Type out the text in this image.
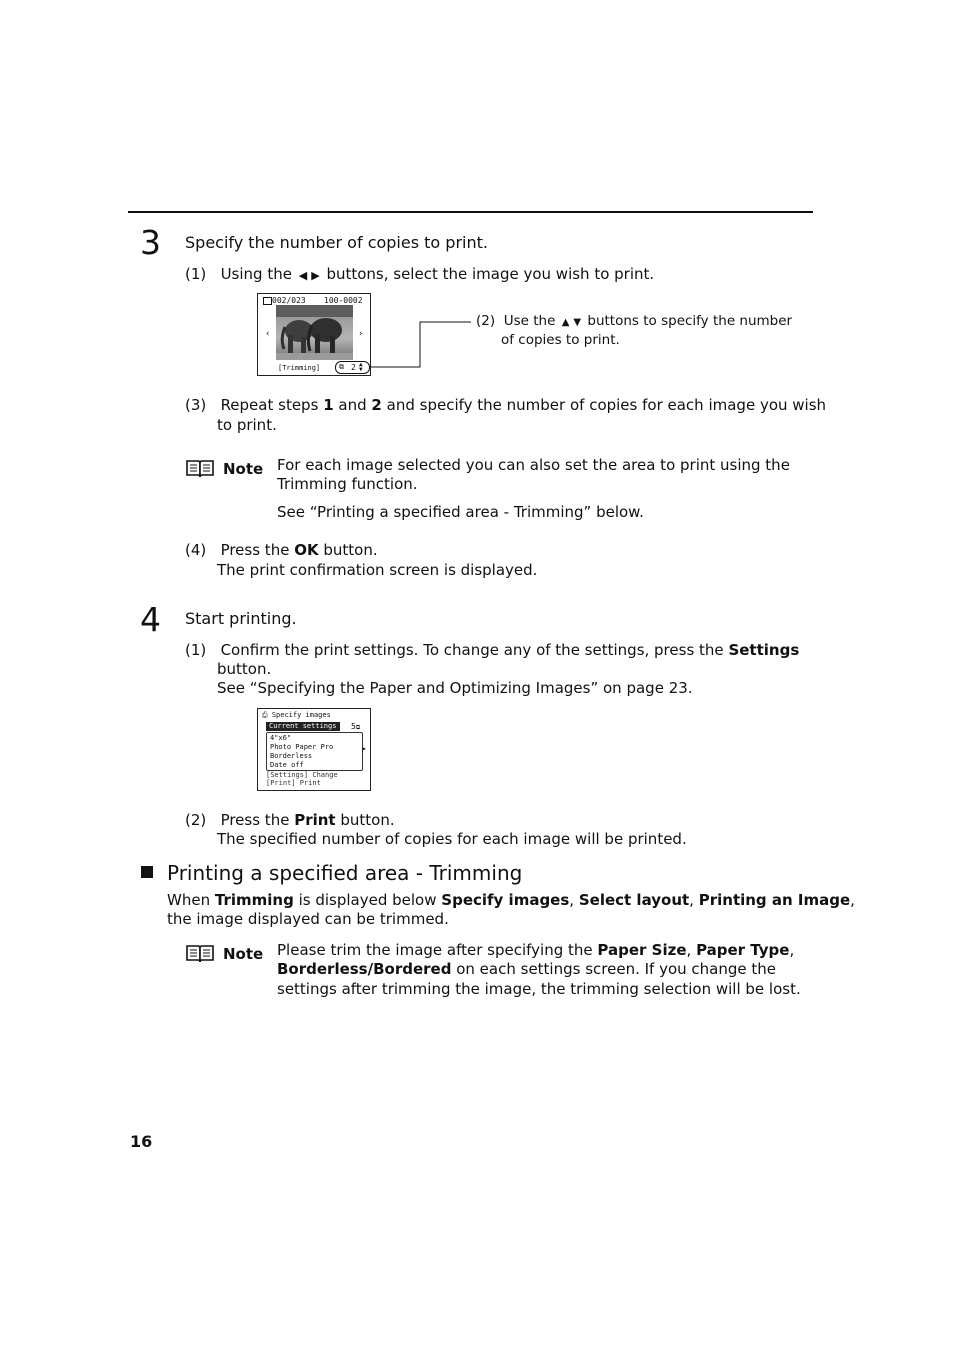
3 Specify the number of copies to print.
(1) Using the ◀ ▶ buttons, select the image you wish to print.
002/023 100-0002
‹	›
[Trimming]	⧉ 2 ▲
▼
(2) Use the ▲ ▼ buttons to specify the number
of copies to print.
(3) Repeat steps 1 and 2 and specify the number of copies for each image you wish
to print.
Note For each image selected you can also set the area to print using the
Trimming function.
See “Printing a specified area - Trimming” below.
(4) Press the OK button.
The print confirmation screen is displayed.
4 Start printing.
(1) Confirm the print settings. To change any of the settings, press the Settings
button.
See “Specifying the Paper and Optimizing Images” on page 23.
⎙ Specify images
Current settings	5⧉
4"x6"
Photo Paper Pro
Borderless
Date off
▸
[Settings] Change
[Print] Print
(2) Press the Print button.
The specified number of copies for each image will be printed.
Printing a specified area - Trimming
When Trimming is displayed below Specify images, Select layout, Printing an Image,
the image displayed can be trimmed.
Note Please trim the image after specifying the Paper Size, Paper Type,
Borderless/Bordered on each settings screen. If you change the
settings after trimming the image, the trimming selection will be lost.
16
